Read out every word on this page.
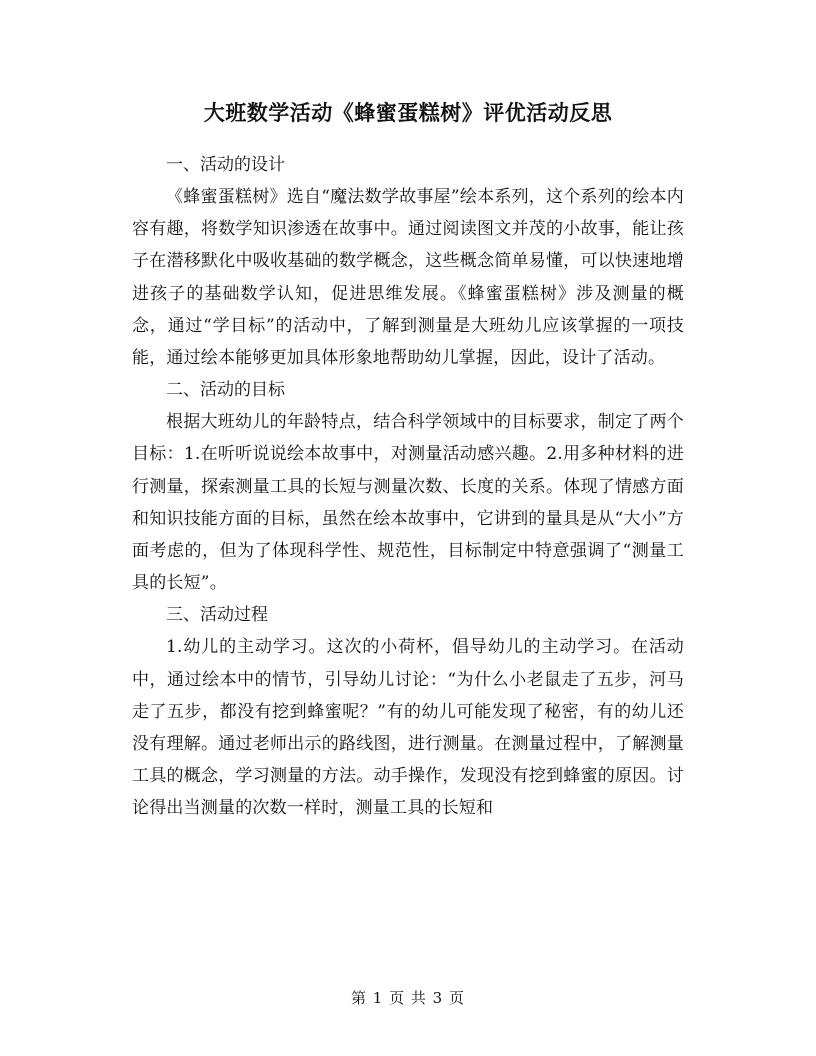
大班数学活动《蜂蜜蛋糕树》评优活动反思

一、活动的设计

《蜂蜜蛋糕树》选自“魔法数学故事屋”绘本系列，这个系列的绘本内容有趣，将数学知识渗透在故事中。通过阅读图文并茂的小故事，能让孩子在潜移默化中吸收基础的数学概念，这些概念简单易懂，可以快速地增进孩子的基础数学认知，促进思维发展。《蜂蜜蛋糕树》涉及测量的概念，通过“学目标”的活动中，了解到测量是大班幼儿应该掌握的一项技能，通过绘本能够更加具体形象地帮助幼儿掌握，因此，设计了活动。

二、活动的目标

根据大班幼儿的年龄特点，结合科学领域中的目标要求，制定了两个目标：1.在听听说说绘本故事中，对测量活动感兴趣。2.用多种材料的进行测量，探索测量工具的长短与测量次数、长度的关系。体现了情感方面和知识技能方面的目标，虽然在绘本故事中，它讲到的量具是从“大小”方面考虑的，但为了体现科学性、规范性，目标制定中特意强调了“测量工具的长短”。

三、活动过程

1.幼儿的主动学习。这次的小荷杯，倡导幼儿的主动学习。在活动中，通过绘本中的情节，引导幼儿讨论：“为什么小老鼠走了五步，河马走了五步，都没有挖到蜂蜜呢？”有的幼儿可能发现了秘密，有的幼儿还没有理解。通过老师出示的路线图，进行测量。在测量过程中，了解测量工具的概念，学习测量的方法。动手操作，发现没有挖到蜂蜜的原因。讨论得出当测量的次数一样时，测量工具的长短和

第 1 页 共 3 页
